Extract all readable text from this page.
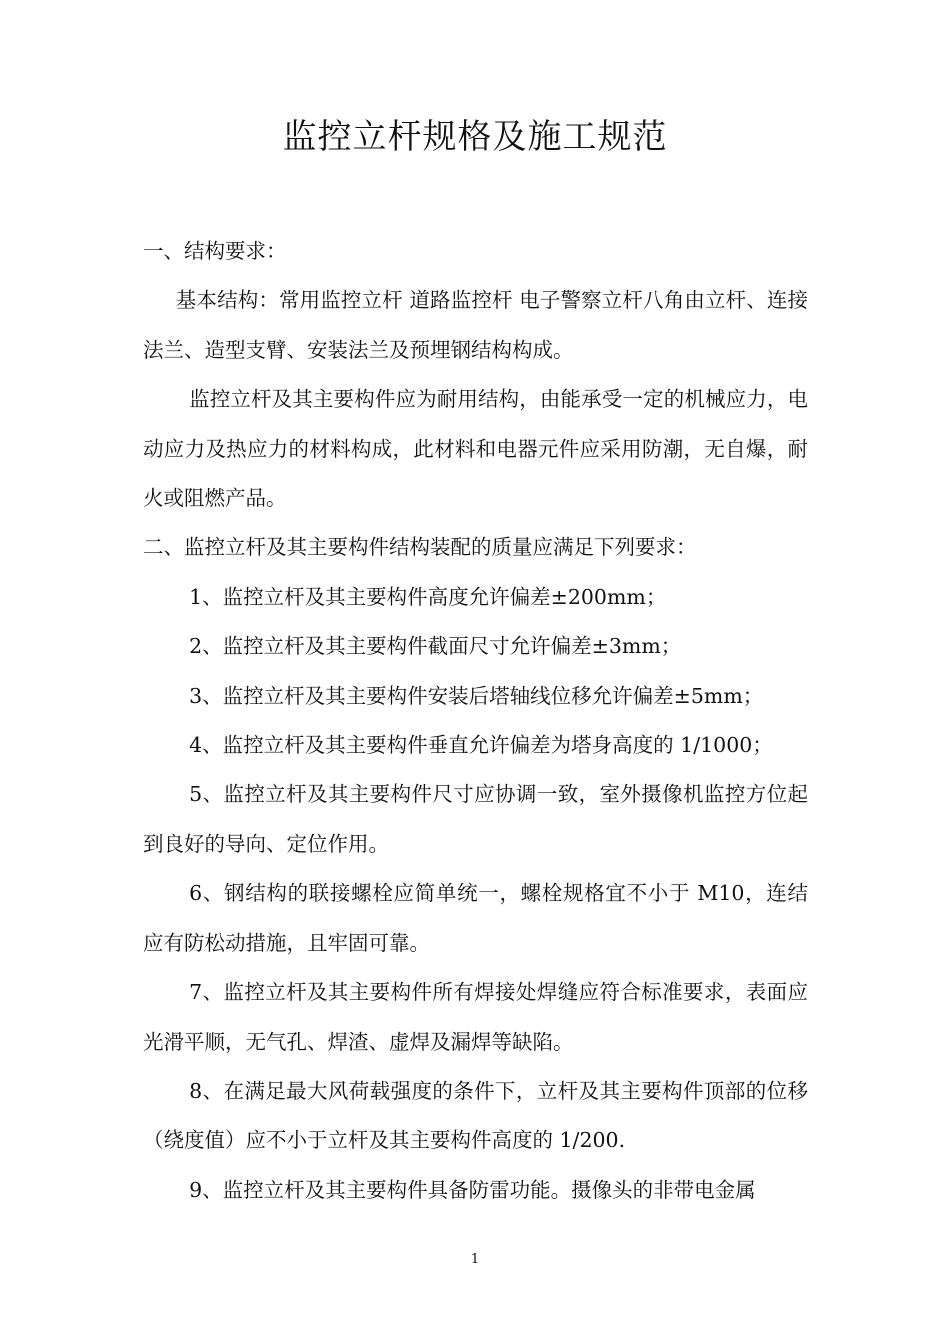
监控立杆规格及施工规范

一、结构要求：

基本结构：常用监控立杆 道路监控杆 电子警察立杆八角由立杆、连接法兰、造型支臂、安装法兰及预埋钢结构构成。

监控立杆及其主要构件应为耐用结构，由能承受一定的机械应力，电动应力及热应力的材料构成，此材料和电器元件应采用防潮，无自爆，耐火或阻燃产品。

二、监控立杆及其主要构件结构装配的质量应满足下列要求：

1、监控立杆及其主要构件高度允许偏差±200mm；

2、监控立杆及其主要构件截面尺寸允许偏差±3mm；

3、监控立杆及其主要构件安装后塔轴线位移允许偏差±5mm；

4、监控立杆及其主要构件垂直允许偏差为塔身高度的 1/1000；

5、监控立杆及其主要构件尺寸应协调一致，室外摄像机监控方位起到良好的导向、定位作用。

6、钢结构的联接螺栓应简单统一，螺栓规格宜不小于 M10，连结应有防松动措施，且牢固可靠。

7、监控立杆及其主要构件所有焊接处焊缝应符合标准要求，表面应光滑平顺，无气孔、焊渣、虚焊及漏焊等缺陷。

8、在满足最大风荷载强度的条件下，立杆及其主要构件顶部的位移（绕度值）应不小于立杆及其主要构件高度的 1/200.

9、监控立杆及其主要构件具备防雷功能。摄像头的非带电金属

1
